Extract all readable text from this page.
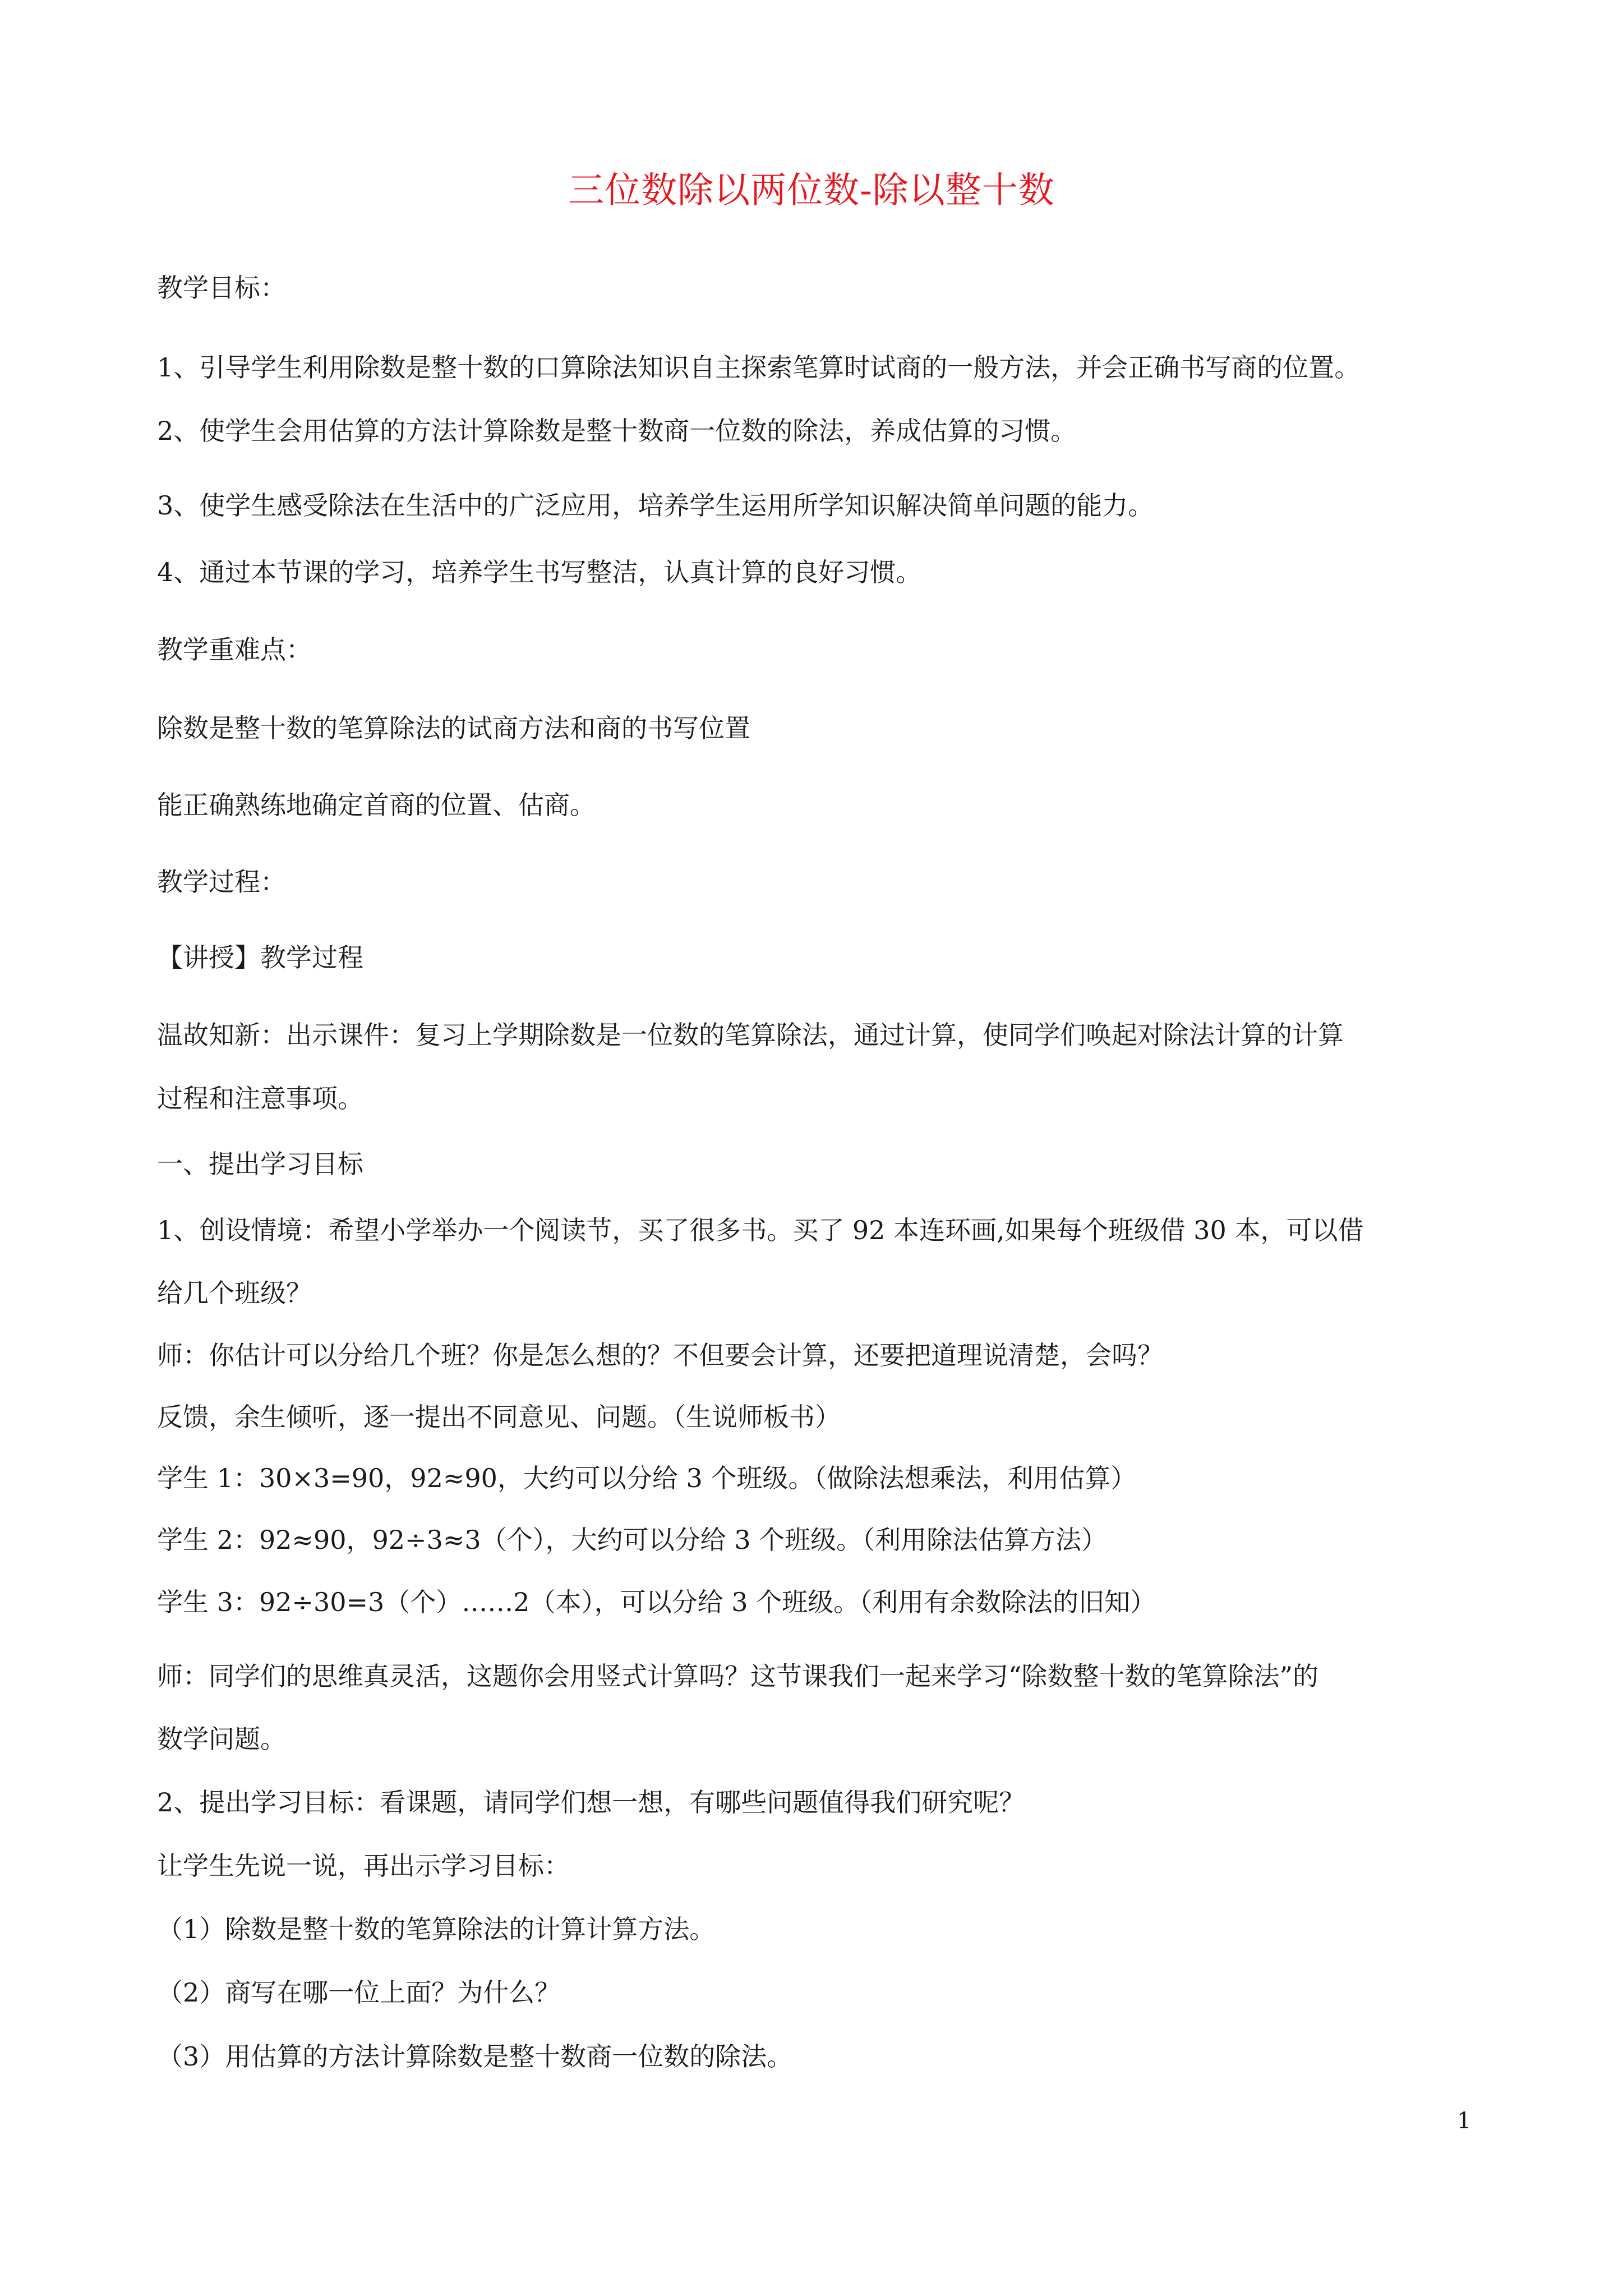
三位数除以两位数-除以整十数
教学目标：
1、引导学生利用除数是整十数的口算除法知识自主探索笔算时试商的一般方法，并会正确书写商的位置。
2、使学生会用估算的方法计算除数是整十数商一位数的除法，养成估算的习惯。
3、使学生感受除法在生活中的广泛应用，培养学生运用所学知识解决简单问题的能力。
4、通过本节课的学习，培养学生书写整洁，认真计算的良好习惯。
教学重难点：
除数是整十数的笔算除法的试商方法和商的书写位置
能正确熟练地确定首商的位置、估商。
教学过程：
【讲授】教学过程
温故知新：出示课件：复习上学期除数是一位数的笔算除法，通过计算，使同学们唤起对除法计算的计算
过程和注意事项。
一、提出学习目标
1、创设情境：希望小学举办一个阅读节，买了很多书。买了 92 本连环画,如果每个班级借 30 本，可以借
给几个班级？
师：你估计可以分给几个班？你是怎么想的？不但要会计算，还要把道理说清楚，会吗？
反馈，余生倾听，逐一提出不同意见、问题。（生说师板书）
学生 1：30×3=90，92≈90，大约可以分给 3 个班级。（做除法想乘法，利用估算）
学生 2：92≈90，92÷3≈3（个），大约可以分给 3 个班级。（利用除法估算方法）
学生 3：92÷30=3（个）……2（本），可以分给 3 个班级。（利用有余数除法的旧知）
师：同学们的思维真灵活，这题你会用竖式计算吗？这节课我们一起来学习“除数整十数的笔算除法”的
数学问题。
2、提出学习目标：看课题，请同学们想一想，有哪些问题值得我们研究呢？
让学生先说一说，再出示学习目标：
（1）除数是整十数的笔算除法的计算计算方法。
（2）商写在哪一位上面？为什么？
（3）用估算的方法计算除数是整十数商一位数的除法。
1
